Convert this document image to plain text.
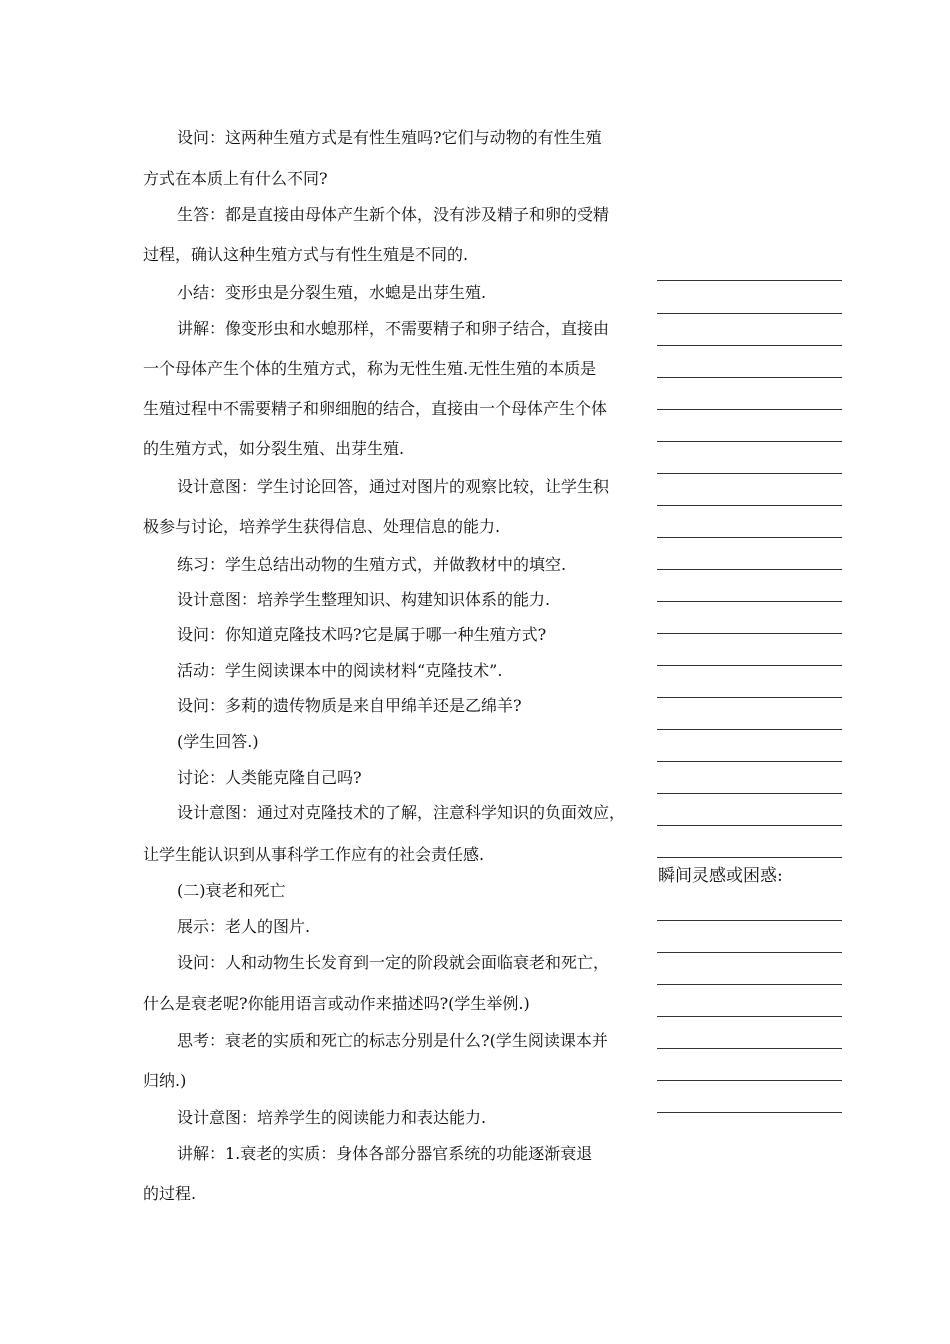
设问：这两种生殖方式是有性生殖吗?它们与动物的有性生殖
方式在本质上有什么不同?
生答：都是直接由母体产生新个体，没有涉及精子和卵的受精
过程，确认这种生殖方式与有性生殖是不同的.
小结：变形虫是分裂生殖，水螅是出芽生殖.
讲解：像变形虫和水螅那样，不需要精子和卵子结合，直接由
一个母体产生个体的生殖方式，称为无性生殖.无性生殖的本质是
生殖过程中不需要精子和卵细胞的结合，直接由一个母体产生个体
的生殖方式，如分裂生殖、出芽生殖.
设计意图：学生讨论回答，通过对图片的观察比较，让学生积
极参与讨论，培养学生获得信息、处理信息的能力.
练习：学生总结出动物的生殖方式，并做教材中的填空.
设计意图：培养学生整理知识、构建知识体系的能力.
设问：你知道克隆技术吗?它是属于哪一种生殖方式?
活动：学生阅读课本中的阅读材料“克隆技术”.
设问：多莉的遗传物质是来自甲绵羊还是乙绵羊?
(学生回答.)
讨论：人类能克隆自己吗?
设计意图：通过对克隆技术的了解，注意科学知识的负面效应，
让学生能认识到从事科学工作应有的社会责任感.
(二)衰老和死亡
展示：老人的图片.
设问：人和动物生长发育到一定的阶段就会面临衰老和死亡，
什么是衰老呢?你能用语言或动作来描述吗?(学生举例.)
思考：衰老的实质和死亡的标志分别是什么?(学生阅读课本并
归纳.)
设计意图：培养学生的阅读能力和表达能力.
讲解：1.衰老的实质：身体各部分器官系统的功能逐渐衰退
的过程.
瞬间灵感或困惑:
